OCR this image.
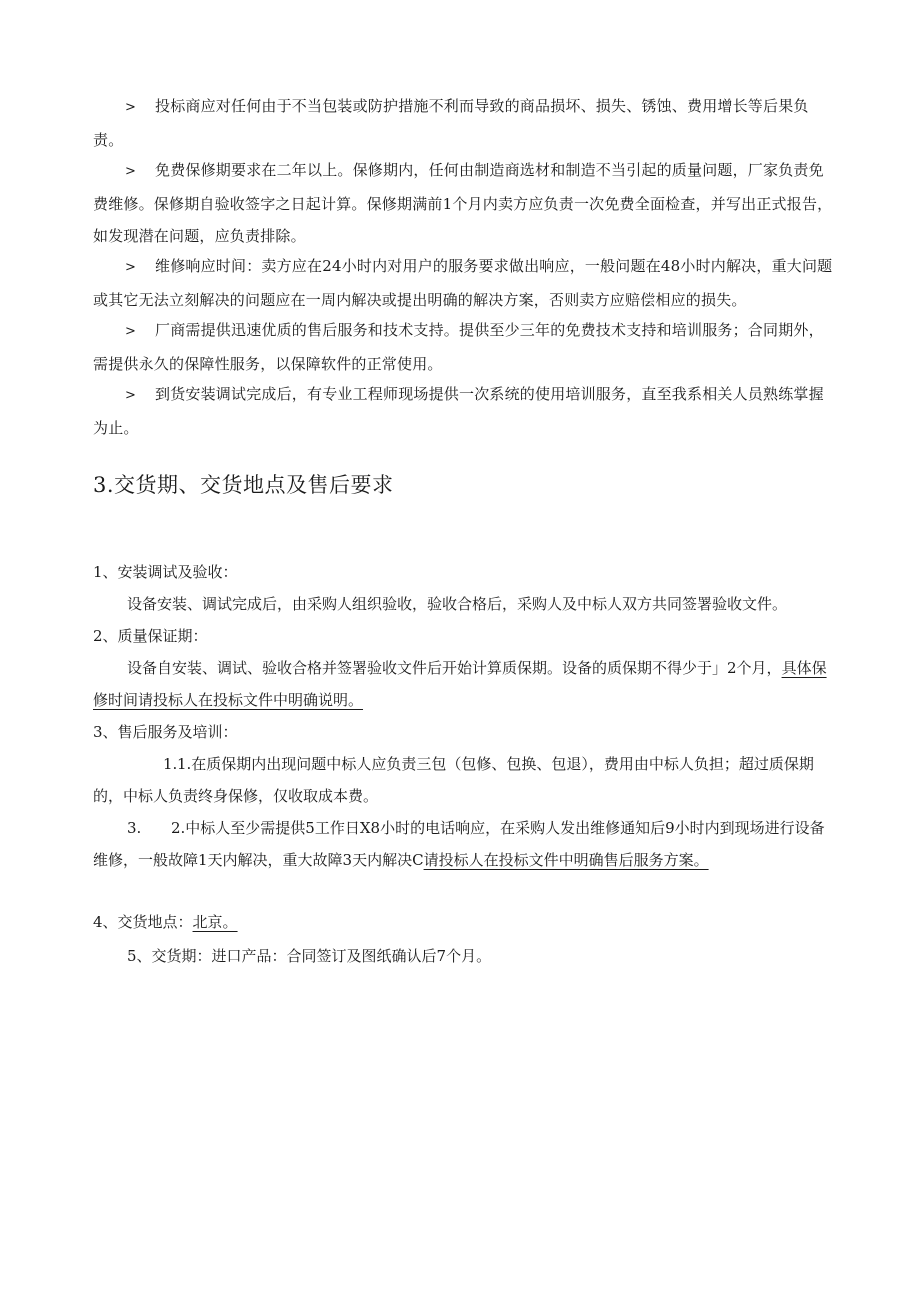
> 投标商应对任何由于不当包装或防护措施不利而导致的商品损坏、损失、锈蚀、费用增长等后果负责。
> 免费保修期要求在二年以上。保修期内，任何由制造商选材和制造不当引起的质量问题，厂家负责免费维修。保修期自验收签字之日起计算。保修期满前1个月内卖方应负责一次免费全面检查，并写出正式报告，如发现潜在问题，应负责排除。
> 维修响应时间：卖方应在24小时内对用户的服务要求做出响应，一般问题在48小时内解决，重大问题或其它无法立刻解决的问题应在一周内解决或提出明确的解决方案，否则卖方应赔偿相应的损失。
> 厂商需提供迅速优质的售后服务和技术支持。提供至少三年的免费技术支持和培训服务；合同期外，需提供永久的保障性服务，以保障软件的正常使用。
> 到货安装调试完成后，有专业工程师现场提供一次系统的使用培训服务，直至我系相关人员熟练掌握为止。
3.交货期、交货地点及售后要求
1、安装调试及验收：
设备安装、调试完成后，由采购人组织验收，验收合格后，采购人及中标人双方共同签署验收文件。
2、质量保证期：
设备自安装、调试、验收合格并签署验收文件后开始计算质保期。设备的质保期不得少于」2个月，具体保修时间请投标人在投标文件中明确说明。
3、售后服务及培训：
1.1.在质保期内出现问题中标人应负责三包（包修、包换、包退），费用由中标人负担；超过质保期的，中标人负责终身保修，仅收取成本费。
3. 2.中标人至少需提供5工作日X8小时的电话响应，在采购人发出维修通知后9小时内到现场进行设备维修，一般故障1天内解决，重大故障3天内解决C请投标人在投标文件中明确售后服务方案。
4、交货地点：北京。
5、交货期：进口产品：合同签订及图纸确认后7个月。
